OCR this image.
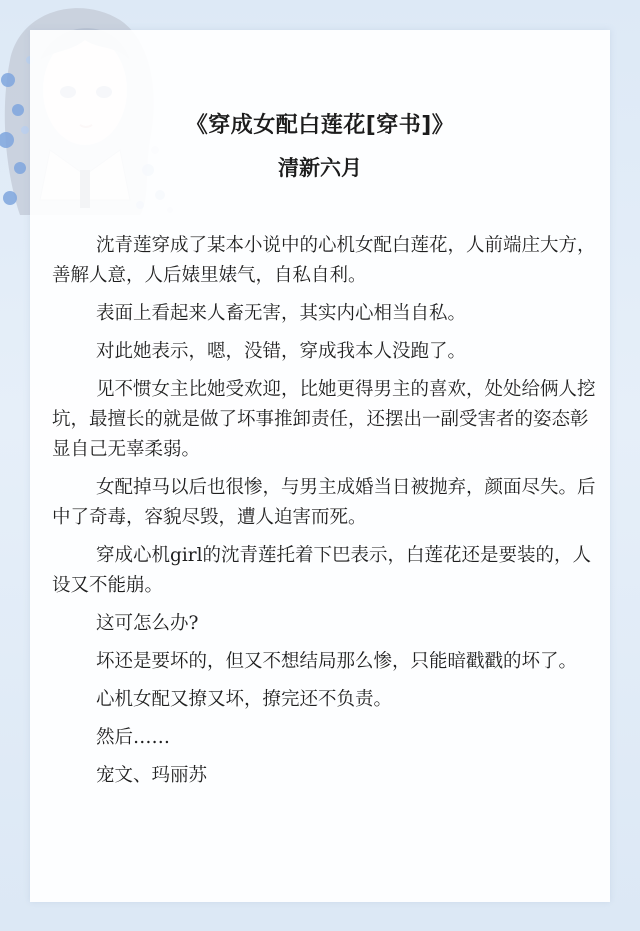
《穿成女配白莲花[穿书]》
清新六月

沈青莲穿成了某本小说中的心机女配白莲花，人前端庄大方，善解人意，人后婊里婊气，自私自利。

表面上看起来人畜无害，其实内心相当自私。

对此她表示，嗯，没错，穿成我本人没跑了。

见不惯女主比她受欢迎，比她更得男主的喜欢，处处给俩人挖坑，最擅长的就是做了坏事推卸责任，还摆出一副受害者的姿态彰显自己无辜柔弱。

女配掉马以后也很惨，与男主成婚当日被抛弃，颜面尽失。后中了奇毒，容貌尽毁，遭人迫害而死。

穿成心机girl的沈青莲托着下巴表示，白莲花还是要装的，人设又不能崩。

这可怎么办?

坏还是要坏的，但又不想结局那么惨，只能暗戳戳的坏了。

心机女配又撩又坏，撩完还不负责。

然后……

宠文、玛丽苏
